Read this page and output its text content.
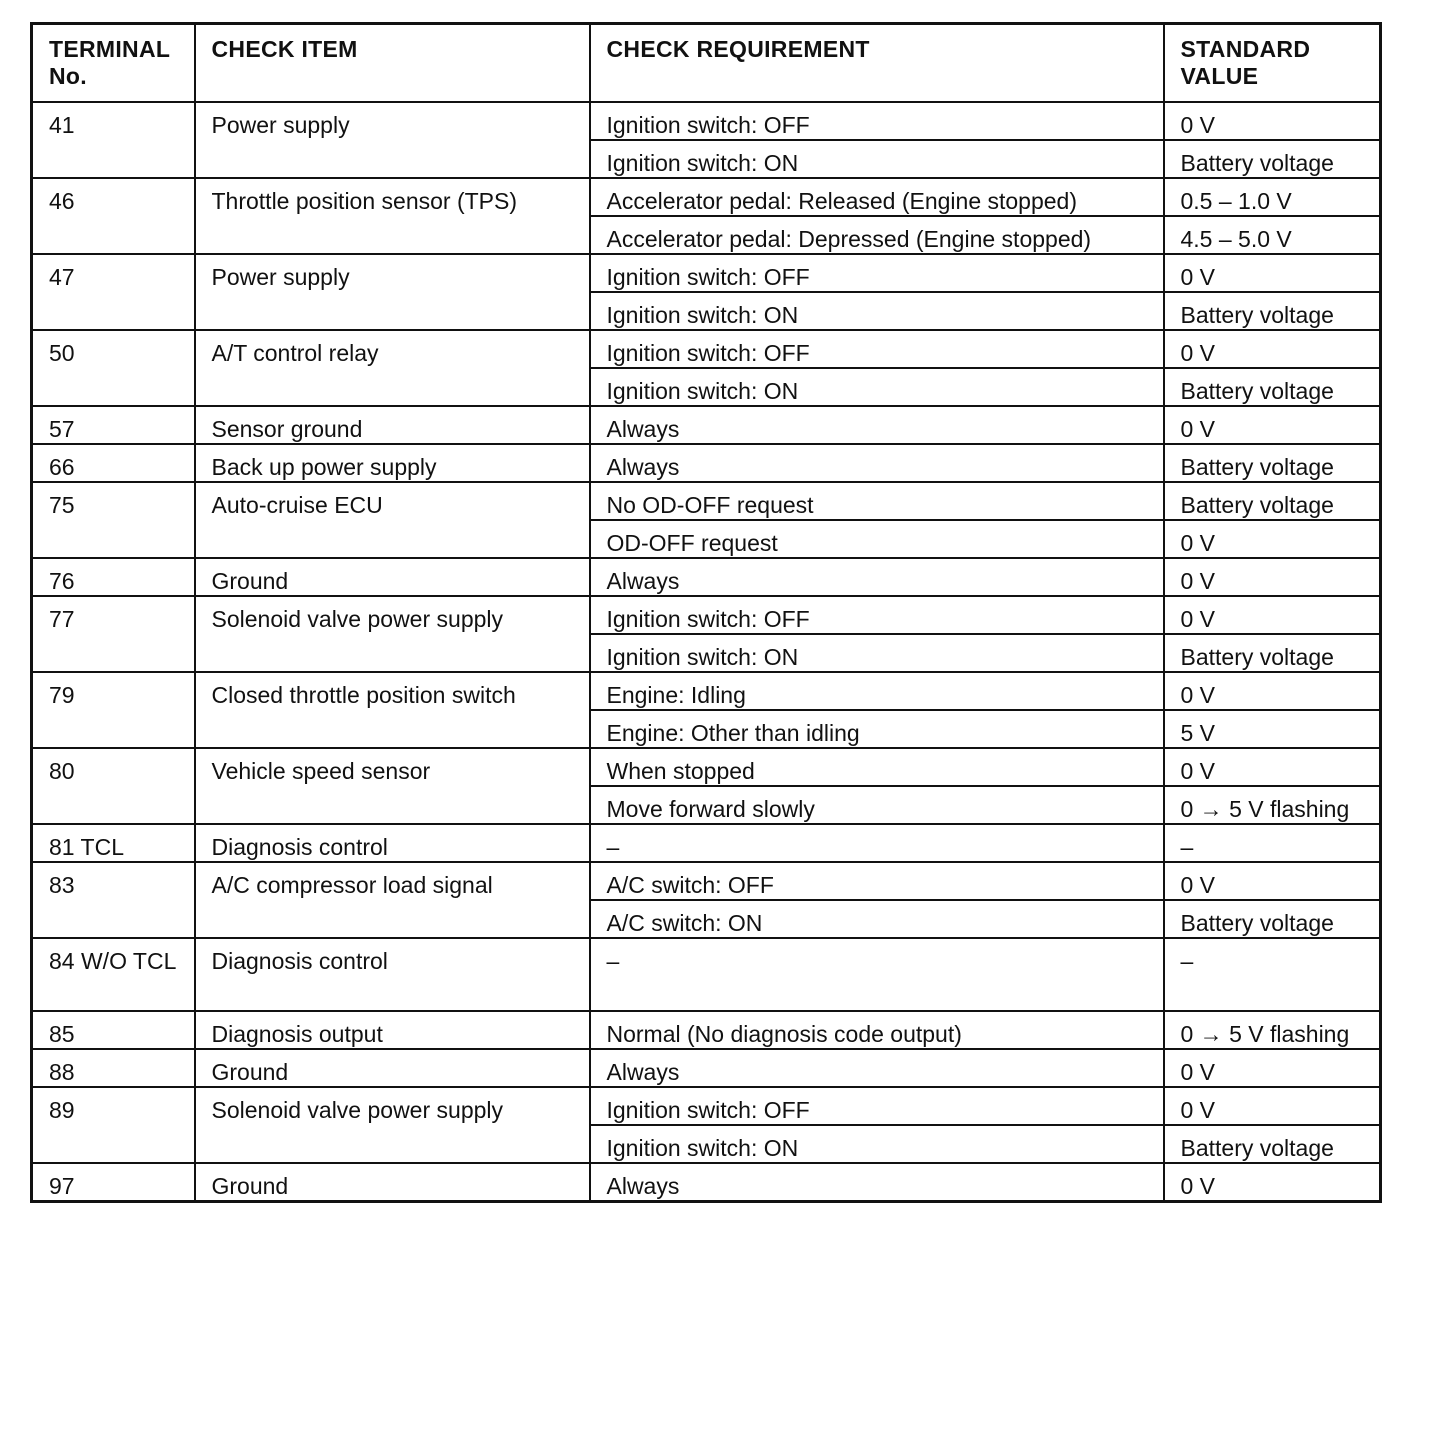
TERMINAL No.	CHECK ITEM	CHECK REQUIREMENT	STANDARD VALUE
41	Power supply	Ignition switch: OFF	0 V
		Ignition switch: ON	Battery voltage
46	Throttle position sensor (TPS)	Accelerator pedal: Released (Engine stopped)	0.5 – 1.0 V
		Accelerator pedal: Depressed (Engine stopped)	4.5 – 5.0 V
47	Power supply	Ignition switch: OFF	0 V
		Ignition switch: ON	Battery voltage
50	A/T control relay	Ignition switch: OFF	0 V
		Ignition switch: ON	Battery voltage
57	Sensor ground	Always	0 V
66	Back up power supply	Always	Battery voltage
75	Auto-cruise ECU	No OD-OFF request	Battery voltage
		OD-OFF request	0 V
76	Ground	Always	0 V
77	Solenoid valve power supply	Ignition switch: OFF	0 V
		Ignition switch: ON	Battery voltage
79	Closed throttle position switch	Engine: Idling	0 V
		Engine: Other than idling	5 V
80	Vehicle speed sensor	When stopped	0 V
		Move forward slowly	0 → 5 V flashing
81 TCL	Diagnosis control	–	–
83	A/C compressor load signal	A/C switch: OFF	0 V
		A/C switch: ON	Battery voltage
84 W/O TCL	Diagnosis control	–	–
85	Diagnosis output	Normal (No diagnosis code output)	0 → 5 V flashing
88	Ground	Always	0 V
89	Solenoid valve power supply	Ignition switch: OFF	0 V
		Ignition switch: ON	Battery voltage
97	Ground	Always	0 V
